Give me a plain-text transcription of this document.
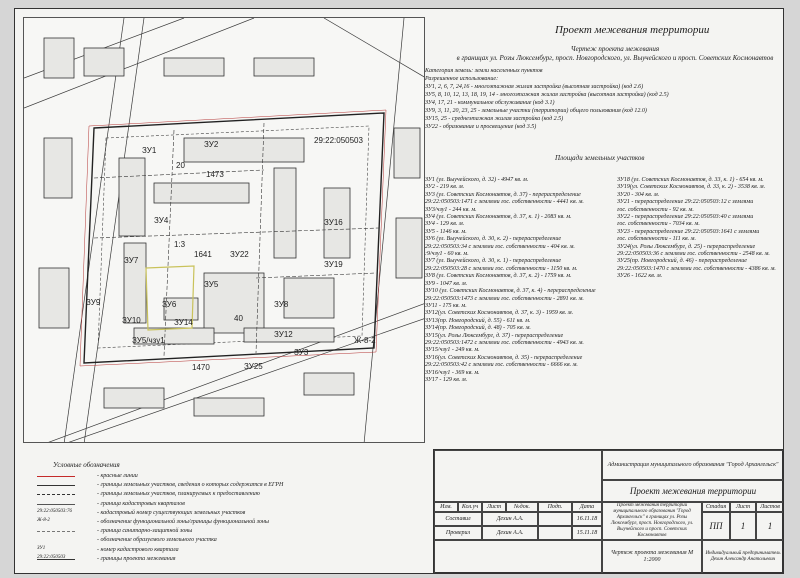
ЗУ2
ЗУ1
20
1473
ЗУ4	ЗУ16
ЗУ7
1641 ЗУ22
ЗУ19
ЗУ6
ЗУ5
ЗУ9
ЗУ10
ЗУ5/чзу1
ЗУ3
ЗУ25
ЗУ14
ЗУ8
40
29:22:050503
1470
Ж-8-2
1:3
ЗУ12
Проект межевания территории
Чертеж проекта межевания
в границах ул. Розы Люксембург, просп. Новгородского, ул. Выучейского и просп. Советских Космонавтов
Категория земель: земли населенных пунктов
Разрешенное использование:
ЗУ1, 2, 6, 7, 24,16 - многоэтажная жилая застройка (высотная застройка) (код 2.6)
ЗУ5, 8, 10, 12, 13, 18, 19, 14 - многоэтажная жилая застройка (высотная застройка) (код 2.5)
ЗУ4, 17, 21 - коммунальное обслуживание (код 3.1)
ЗУ9, 3, 11, 20, 23, 25 - земельные участки (территории) общего пользования (код 12.0)
ЗУ15, 25 - среднеэтажная жилая застройка (код 2.5)
ЗУ22 - образование и просвещение (код 3.5)
Площади земельных участков
ЗУ1 (ул. Выучейского, д. 32) - 4947 кв. м.
ЗУ2 - 219 кв. м.
ЗУ3 (ул. Советских Космонавтов, д. 37) - перераспределение
29:22:050503:1471 с землями гос. собственности - 4441 кв. м.
ЗУ3/чзу1 - 244 кв. м.
ЗУ4 (ул. Советских Космонавтов, д. 37, к. 1) - 2083 кв. м.
ЗУ4 - 129 кв. м.
ЗУ5 - 1146 кв. м.
ЗУ6 (ул. Выучейского, д. 30, к. 2) - перераспределение
29:22:050503:34 с землями гос. собственности - 404 кв. м.
:9/чзу1 - 60 кв. м.
ЗУ7 (ул. Выучейского, д. 30, к. 1) - перераспределение
29:22:050503:28 с землями гос. собственности - 1150 кв. м.
ЗУ8 (ул. Советских Космонавтов, д. 37, к. 2) - 1759 кв. м.
ЗУ9 - 1047 кв. м.
ЗУ10 (ул. Советских Космонавтов, д. 37, к. 4) - перераспределение
29:22:050503:1473 с землями гос. собственности - 2891 кв. м.
ЗУ11 - 175 кв. м.
ЗУ12(ул. Советских Космонавтов, д. 37, к. 3) - 1959 кв. м.
ЗУ13(пр. Новгородский, д. 55) - 611 кв. м.
ЗУ14(пр. Новгородский, д. 48) - 705 кв. м.
ЗУ15(ул. Розы Люксембург, д. 37) - перераспределение
29:22:050503:1472 с землями гос. собственности - 4943 кв. м.
ЗУ15/чзу1 - 249 кв. м.
ЗУ16(ул. Советских Космонавтов, д. 35) - перераспределение
29:22:050503:42 с землями гос. собственности - 6666 кв. м.
ЗУ16/чзу1 - 369 кв. м.
ЗУ17 - 129 кв. м.
ЗУ18 (ул. Советских Космонавтов, д. 33, к. 1) - 654 кв. м.
ЗУ19(ул. Советских Космонавтов, д. 33, к. 2) - 3538 кв. м.
ЗУ20 - 304 кв. м.
ЗУ21 - перераспределение 29:22:050503:12 с землями
гос. собственности - 92 кв. м.
ЗУ22 - перераспределение 29:22:050503:40 с землями
гос. собственности - 7034 кв. м.
ЗУ23 - перераспределение 29:22:050503:1641 с землями
гос. собственности - 111 кв. м.
ЗУ24(ул. Розы Люксембург, д. 25) - перераспределение
29:22:050503:36 с землями гос. собственности - 2548 кв. м.
ЗУ25(пр. Новгородский, д. 46) - перераспределение
29:22:050503:1470 с землями гос. собственности - 4386 кв. м.
ЗУ26 - 1622 кв. м.
Условные обозначения
- красные линии
- границы земельных участков, сведения о которых содержатся в ЕГРН
- границы земельных участков, планируемых к предоставлению
- граница кадастровых кварталов
29:22:050503:76	- кадастровый номер существующих земельных участков
Ж-8-2	- обозначение функциональной зоны/границы функциональной зоны
- граница санитарно-защитной зоны
- обозначение образуемого земельного участка
ЗУ1	- номер кадастрового квартала
29:22:050503	- границы проекта межевания
Администрация муниципального образования "Город Архангельск"
Проект межевания территории
Изм.	Кол.уч	Лист	№док.	Подп.	Дата
Составил	Дехин А.А.	16.11.18
Проверил	Дехин А.А.	15.11.18
Проект межевания территории муниципального образования "Город Архангельск" в границах ул. Розы Люксембург, просп. Новгородского, ул. Выучейского и просп. Советских Космонавтов
Стадия	Лист	Листов
ПП	1	1
Чертеж проекта межевания М 1:2000
Индивидуальный предприниматель Дехин Александр Анатольевич
